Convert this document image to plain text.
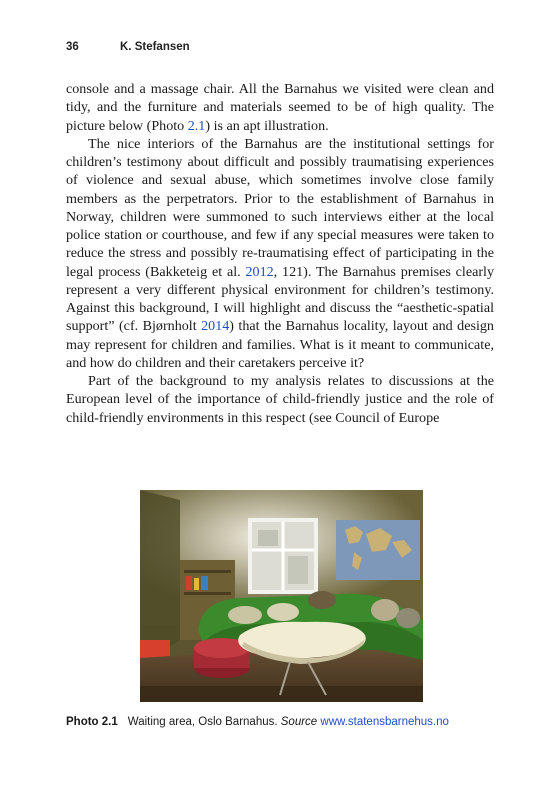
36	K. Stefansen

console and a massage chair. All the Barnahus we visited were clean and tidy, and the furniture and materials seemed to be of high quality. The picture below (Photo 2.1) is an apt illustration.

The nice interiors of the Barnahus are the institutional settings for children’s testimony about difficult and possibly traumatising experiences of violence and sexual abuse, which sometimes involve close family members as the perpetrators. Prior to the establishment of Barnahus in Norway, children were summoned to such interviews either at the local police station or courthouse, and few if any special measures were taken to reduce the stress and possibly re-traumatising effect of participating in the legal process (Bakketeig et al. 2012, 121). The Barnahus premises clearly represent a very different physical environment for children’s testimony. Against this background, I will highlight and discuss the “aesthetic-spatial support” (cf. Bjørnholt 2014) that the Barnahus locality, layout and design may represent for children and families. What is it meant to communicate, and how do children and their caretakers perceive it?

Part of the background to my analysis relates to discussions at the European level of the importance of child-friendly justice and the role of child-friendly environments in this respect (see Council of Europe

Photo 2.1 Waiting area, Oslo Barnahus. Source www.statensbarnehus.no
